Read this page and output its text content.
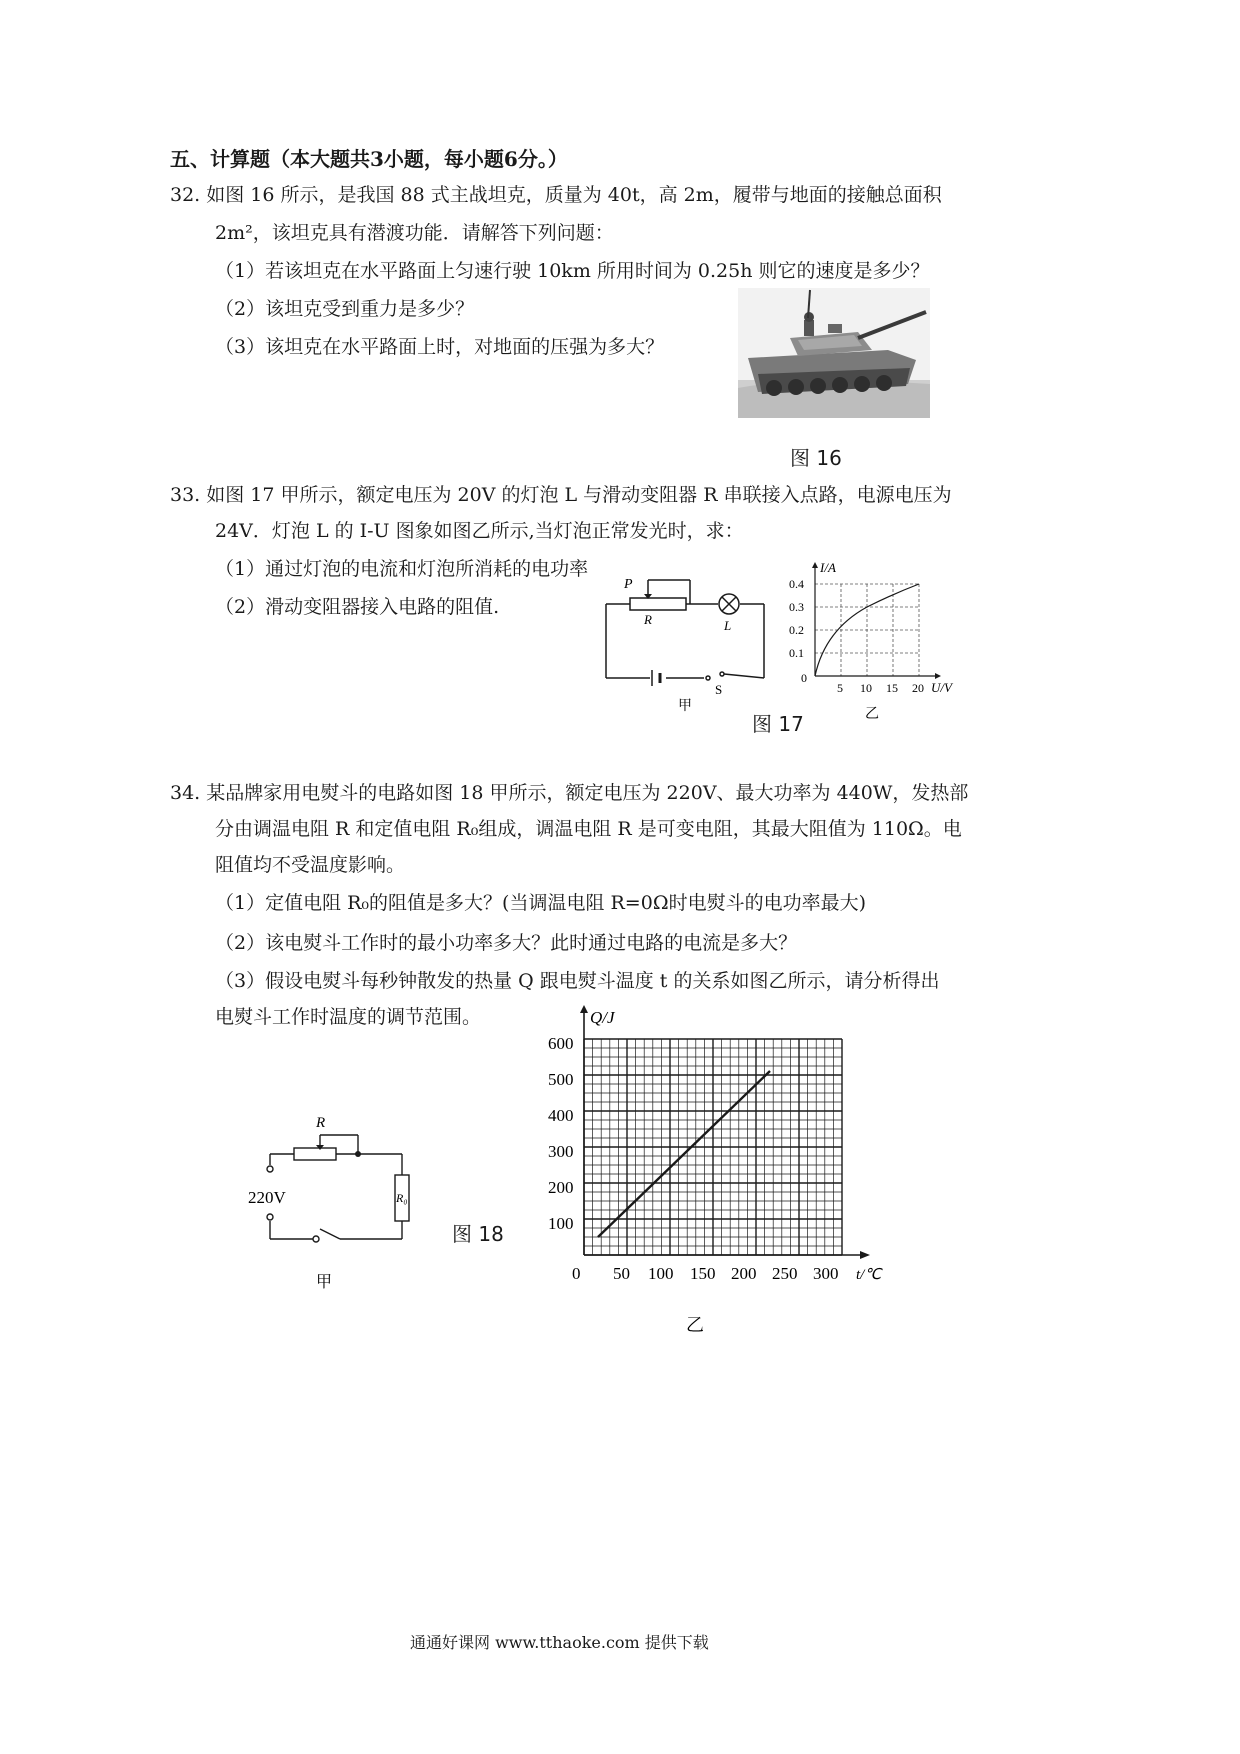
五、计算题（本大题共3小题，每小题6分。）
32. 如图 16 所示，是我国 88 式主战坦克，质量为 40t，高 2m，履带与地面的接触总面积
2m²，该坦克具有潜渡功能．请解答下列问题：
（1）若该坦克在水平路面上匀速行驶 10km 所用时间为 0.25h 则它的速度是多少？
（2）该坦克受到重力是多少？
（3）该坦克在水平路面上时，对地面的压强为多大？
图 16
33. 如图 17 甲所示，额定电压为 20V 的灯泡 L 与滑动变阻器 R 串联接入点路，电源电压为
24V．灯泡 L 的 I-U 图象如图乙所示,当灯泡正常发光时，求：
（1）通过灯泡的电流和灯泡所消耗的电功率
（2）滑动变阻器接入电路的阻值.
P
R	L
S
甲
图 17
I/A
U/V
0
0.4
0.3
0.2
0.1
5 10 15 20
乙
34. 某品牌家用电熨斗的电路如图 18 甲所示，额定电压为 220V、最大功率为 440W，发热部
分由调温电阻 R 和定值电阻 R₀组成，调温电阻 R 是可变电阻，其最大阻值为 110Ω。电
阻值均不受温度影响。
（1）定值电阻 R₀的阻值是多大？(当调温电阻 R=0Ω时电熨斗的电功率最大)
（2）该电熨斗工作时的最小功率多大？此时通过电路的电流是多大？
（3）假设电熨斗每秒钟散发的热量 Q 跟电熨斗温度 t 的关系如图乙所示，请分析得出
电熨斗工作时温度的调节范围。
R
R₀
220V
甲
图 18
Q/J
t/℃
0
600
500
400
300
200
100
50 100 150 200 250 300
乙
通通好课网 www.tthaoke.com 提供下载
